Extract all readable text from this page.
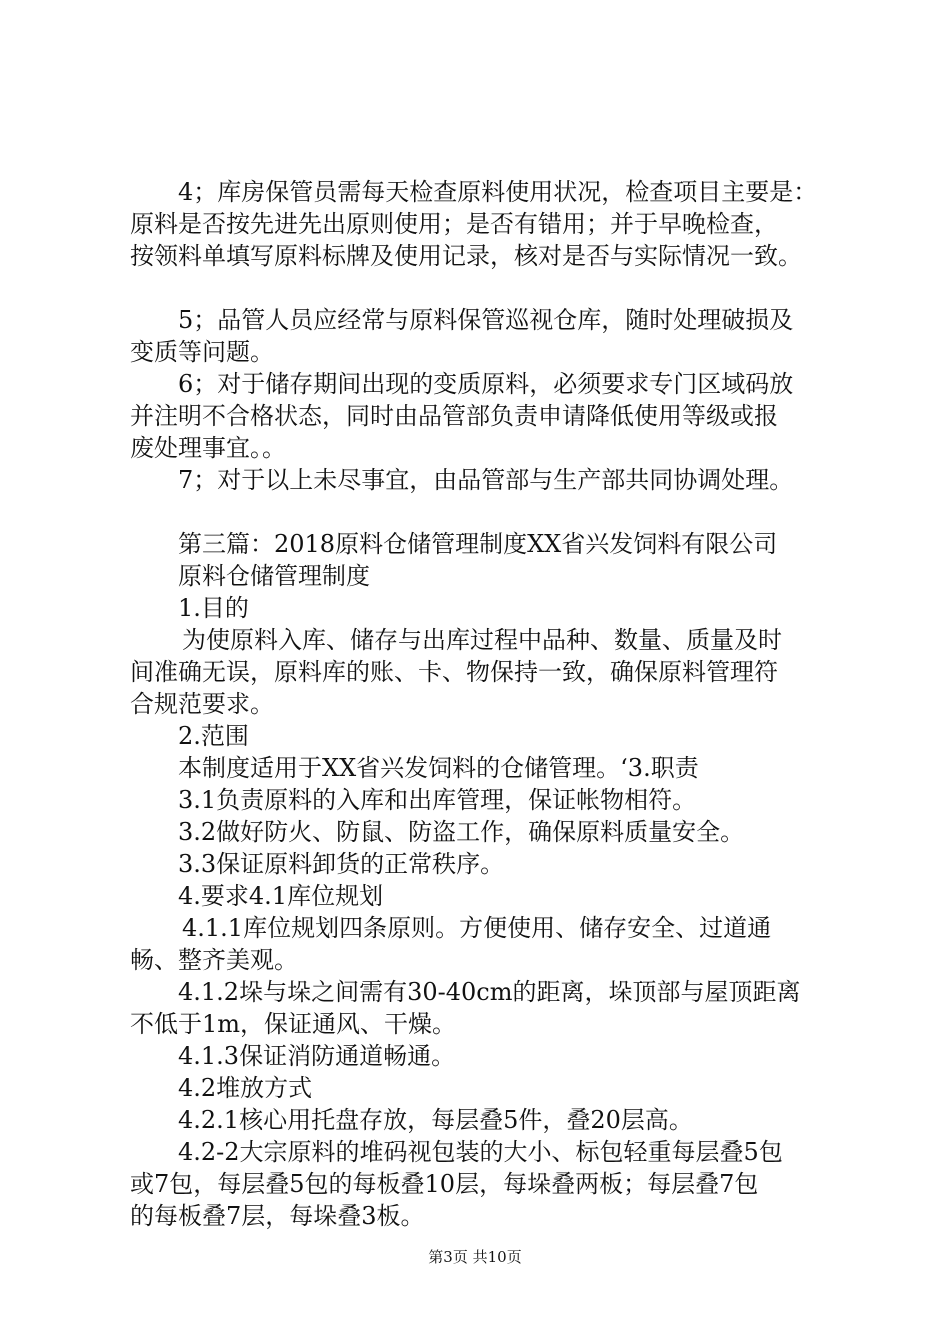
4；库房保管员需每天检查原料使用状况，检查项目主要是：
原料是否按先进先出原则使用；是否有错用；并于早晚检查，
按领料单填写原料标牌及使用记录，核对是否与实际情况一致。
5；品管人员应经常与原料保管巡视仓库，随时处理破损及
变质等问题。
6；对于储存期间出现的变质原料，必须要求专门区域码放
并注明不合格状态，同时由品管部负责申请降低使用等级或报
废处理事宜。。
7；对于以上未尽事宜，由品管部与生产部共同协调处理。
第三篇：2018原料仓储管理制度XX省兴发饲料有限公司
原料仓储管理制度
1.目的
为使原料入库、储存与出库过程中品种、数量、质量及时
间准确无误，原料库的账、卡、物保持一致，确保原料管理符
合规范要求。
2.范围
本制度适用于XX省兴发饲料的仓储管理。‘3.职责
3.1负责原料的入库和出库管理，保证帐物相符。
3.2做好防火、防鼠、防盗工作，确保原料质量安全。
3.3保证原料卸货的正常秩序。
4.要求4.1库位规划
4.1.1库位规划四条原则。方便使用、储存安全、过道通
畅、整齐美观。
4.1.2垛与垛之间需有30-40cm的距离，垛顶部与屋顶距离
不低于1m，保证通风、干燥。
4.1.3保证消防通道畅通。
4.2堆放方式
4.2.1核心用托盘存放，每层叠5件，叠20层高。
4.2-2大宗原料的堆码视包装的大小、标包轻重每层叠5包
或7包，每层叠5包的每板叠10层，每垛叠两板；每层叠7包
的每板叠7层，每垛叠3板。
第3页 共10页
